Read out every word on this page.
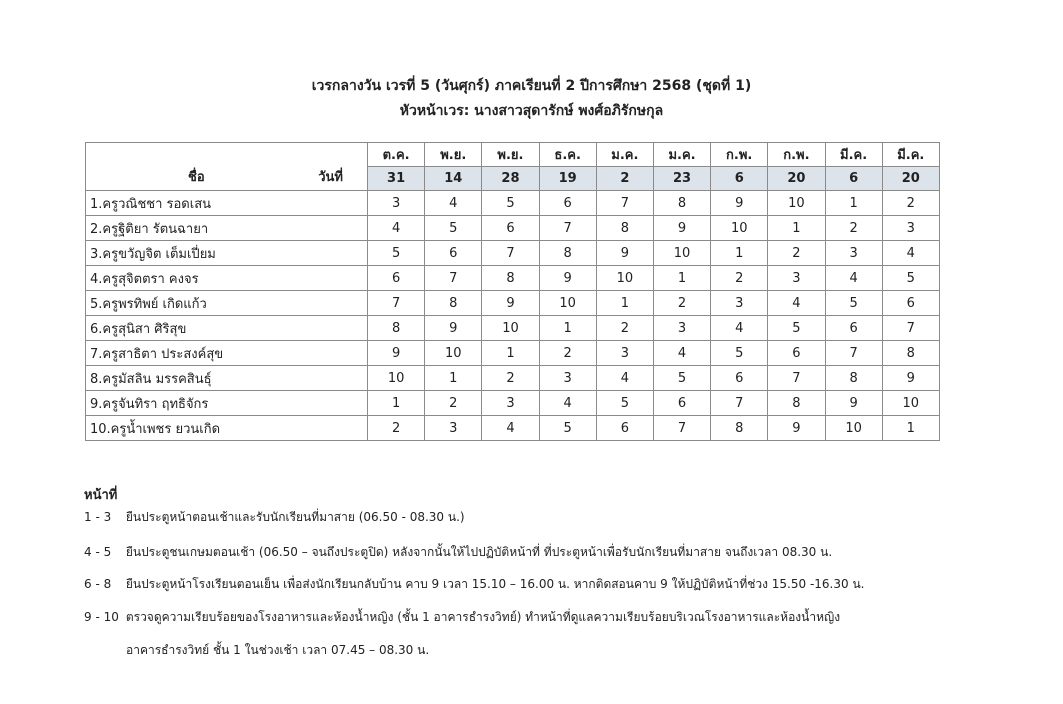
เวรกลางวัน เวรที่ 5 (วันศุกร์) ภาคเรียนที่ 2 ปีการศึกษา 2568 (ชุดที่ 1)
หัวหน้าเวร: นางสาวสุดารักษ์ พงศ์อภิรักษกุล
ชื่อ วันที่	ต.ค.	พ.ย.	พ.ย.	ธ.ค.	ม.ค.	ม.ค.	ก.พ.	ก.พ.	มี.ค.	มี.ค.
	31	14	28	19	2	23	6	20	6	20
1.ครูวณิชชา รอดเสน	3	4	5	6	7	8	9	10	1	2
2.ครูฐิติยา รัตนฉายา	4	5	6	7	8	9	10	1	2	3
3.ครูขวัญจิต เต็มเปี่ยม	5	6	7	8	9	10	1	2	3	4
4.ครูสุจิตตรา คงจร	6	7	8	9	10	1	2	3	4	5
5.ครูพรทิพย์ เกิดแก้ว	7	8	9	10	1	2	3	4	5	6
6.ครูสุนิสา ศิริสุข	8	9	10	1	2	3	4	5	6	7
7.ครูสาธิตา ประสงค์สุข	9	10	1	2	3	4	5	6	7	8
8.ครูมัสลิน มรรคสินธุ์	10	1	2	3	4	5	6	7	8	9
9.ครูจันทิรา ฤทธิจักร	1	2	3	4	5	6	7	8	9	10
10.ครูน้ำเพชร ยวนเกิด	2	3	4	5	6	7	8	9	10	1
หน้าที่
1 - 3 ยืนประตูหน้าตอนเช้าและรับนักเรียนที่มาสาย (06.50 - 08.30 น.)
4 - 5 ยืนประตูชนเกษมตอนเช้า (06.50 – จนถึงประตูปิด) หลังจากนั้นให้ไปปฏิบัติหน้าที่ ที่ประตูหน้าเพื่อรับนักเรียนที่มาสาย จนถึงเวลา 08.30 น.
6 - 8 ยืนประตูหน้าโรงเรียนตอนเย็น เพื่อส่งนักเรียนกลับบ้าน คาบ 9 เวลา 15.10 – 16.00 น. หากติดสอนคาบ 9 ให้ปฏิบัติหน้าที่ช่วง 15.50 -16.30 น.
9 - 10 ตรวจดูความเรียบร้อยของโรงอาหารและห้องน้ำหญิง (ชั้น 1 อาคารธำรงวิทย์) ทำหน้าที่ดูแลความเรียบร้อยบริเวณโรงอาหารและห้องน้ำหญิง
อาคารธำรงวิทย์ ชั้น 1 ในช่วงเช้า เวลา 07.45 – 08.30 น.
